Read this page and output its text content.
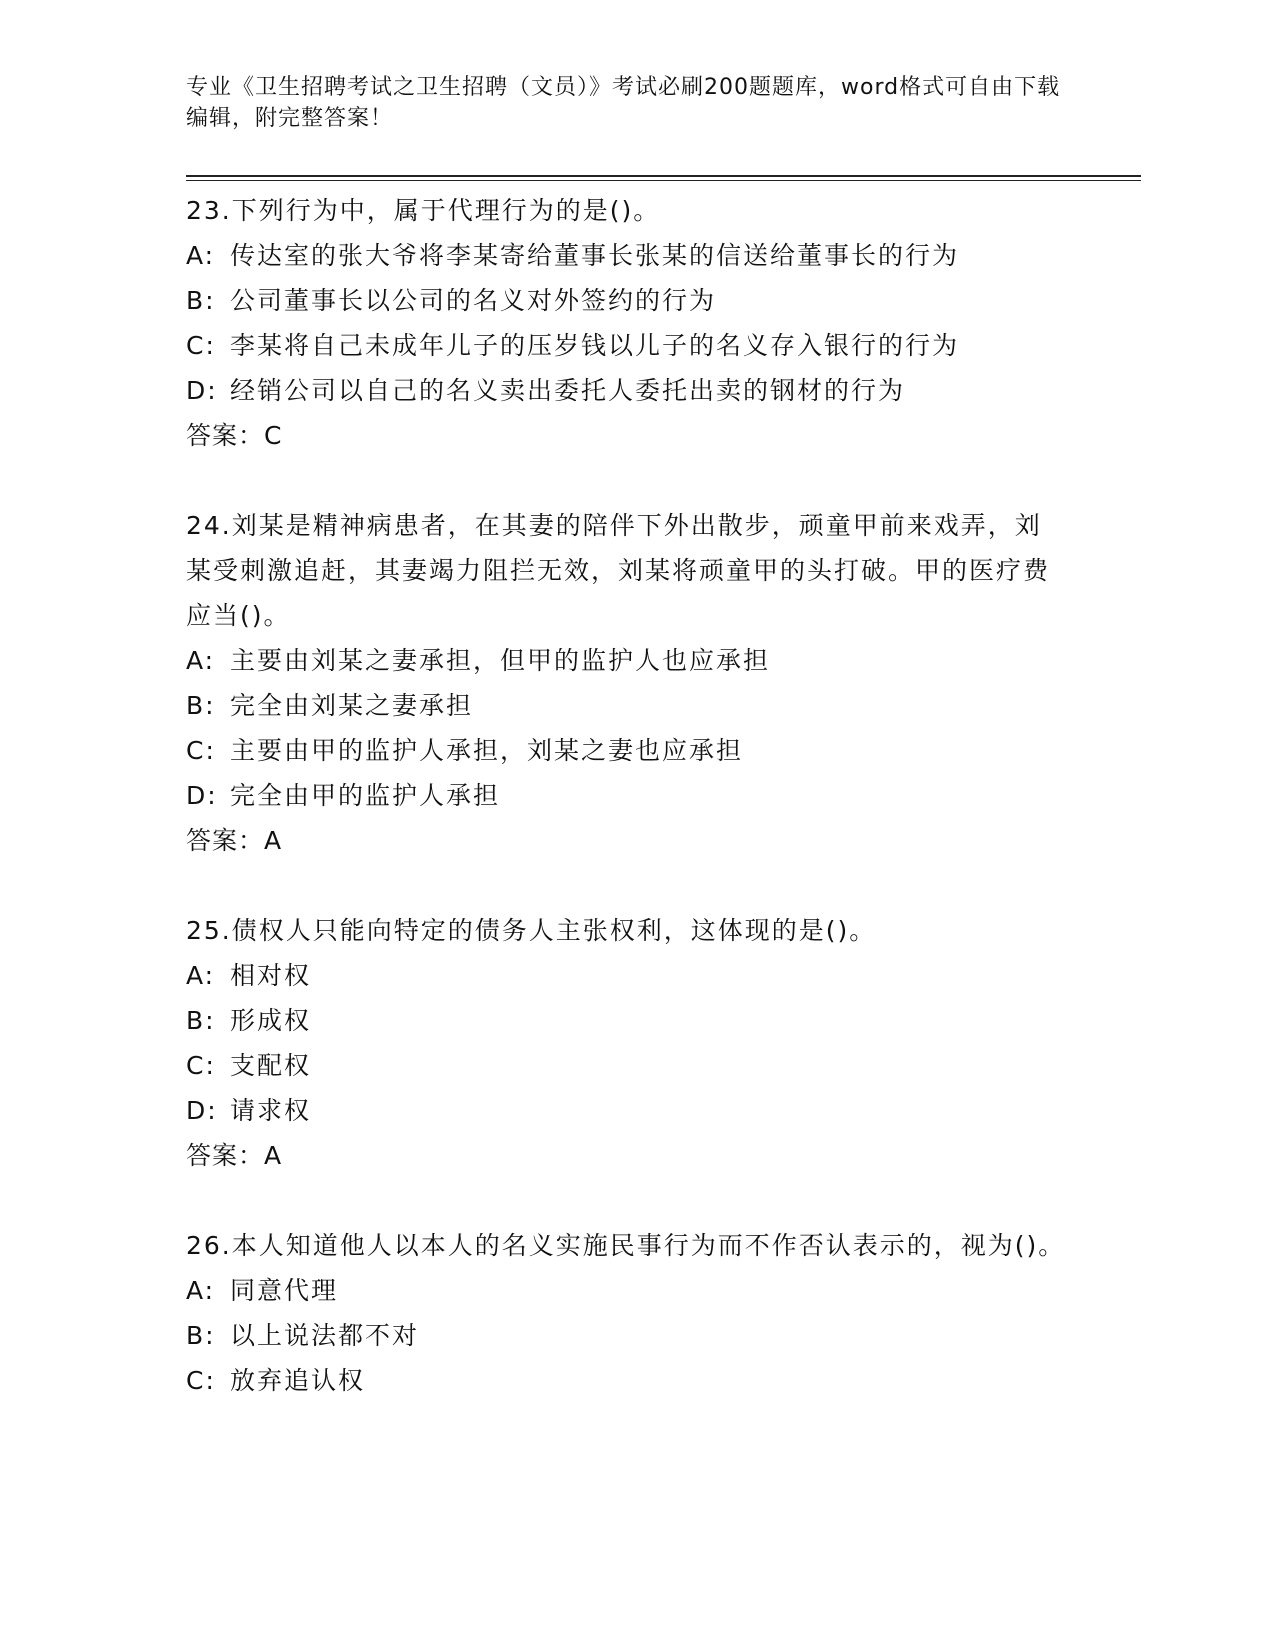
专业《卫生招聘考试之卫生招聘（文员）》考试必刷200题题库，word格式可自由下载编辑，附完整答案！
23.下列行为中，属于代理行为的是()。
A: 传达室的张大爷将李某寄给董事长张某的信送给董事长的行为
B: 公司董事长以公司的名义对外签约的行为
C: 李某将自己未成年儿子的压岁钱以儿子的名义存入银行的行为
D: 经销公司以自己的名义卖出委托人委托出卖的钢材的行为
答案：C
24.刘某是精神病患者，在其妻的陪伴下外出散步，顽童甲前来戏弄，刘某受刺激追赶，其妻竭力阻拦无效，刘某将顽童甲的头打破。甲的医疗费应当()。
A: 主要由刘某之妻承担，但甲的监护人也应承担
B: 完全由刘某之妻承担
C: 主要由甲的监护人承担，刘某之妻也应承担
D: 完全由甲的监护人承担
答案：A
25.债权人只能向特定的债务人主张权利，这体现的是()。
A: 相对权
B: 形成权
C: 支配权
D: 请求权
答案：A
26.本人知道他人以本人的名义实施民事行为而不作否认表示的，视为()。
A: 同意代理
B: 以上说法都不对
C: 放弃追认权
